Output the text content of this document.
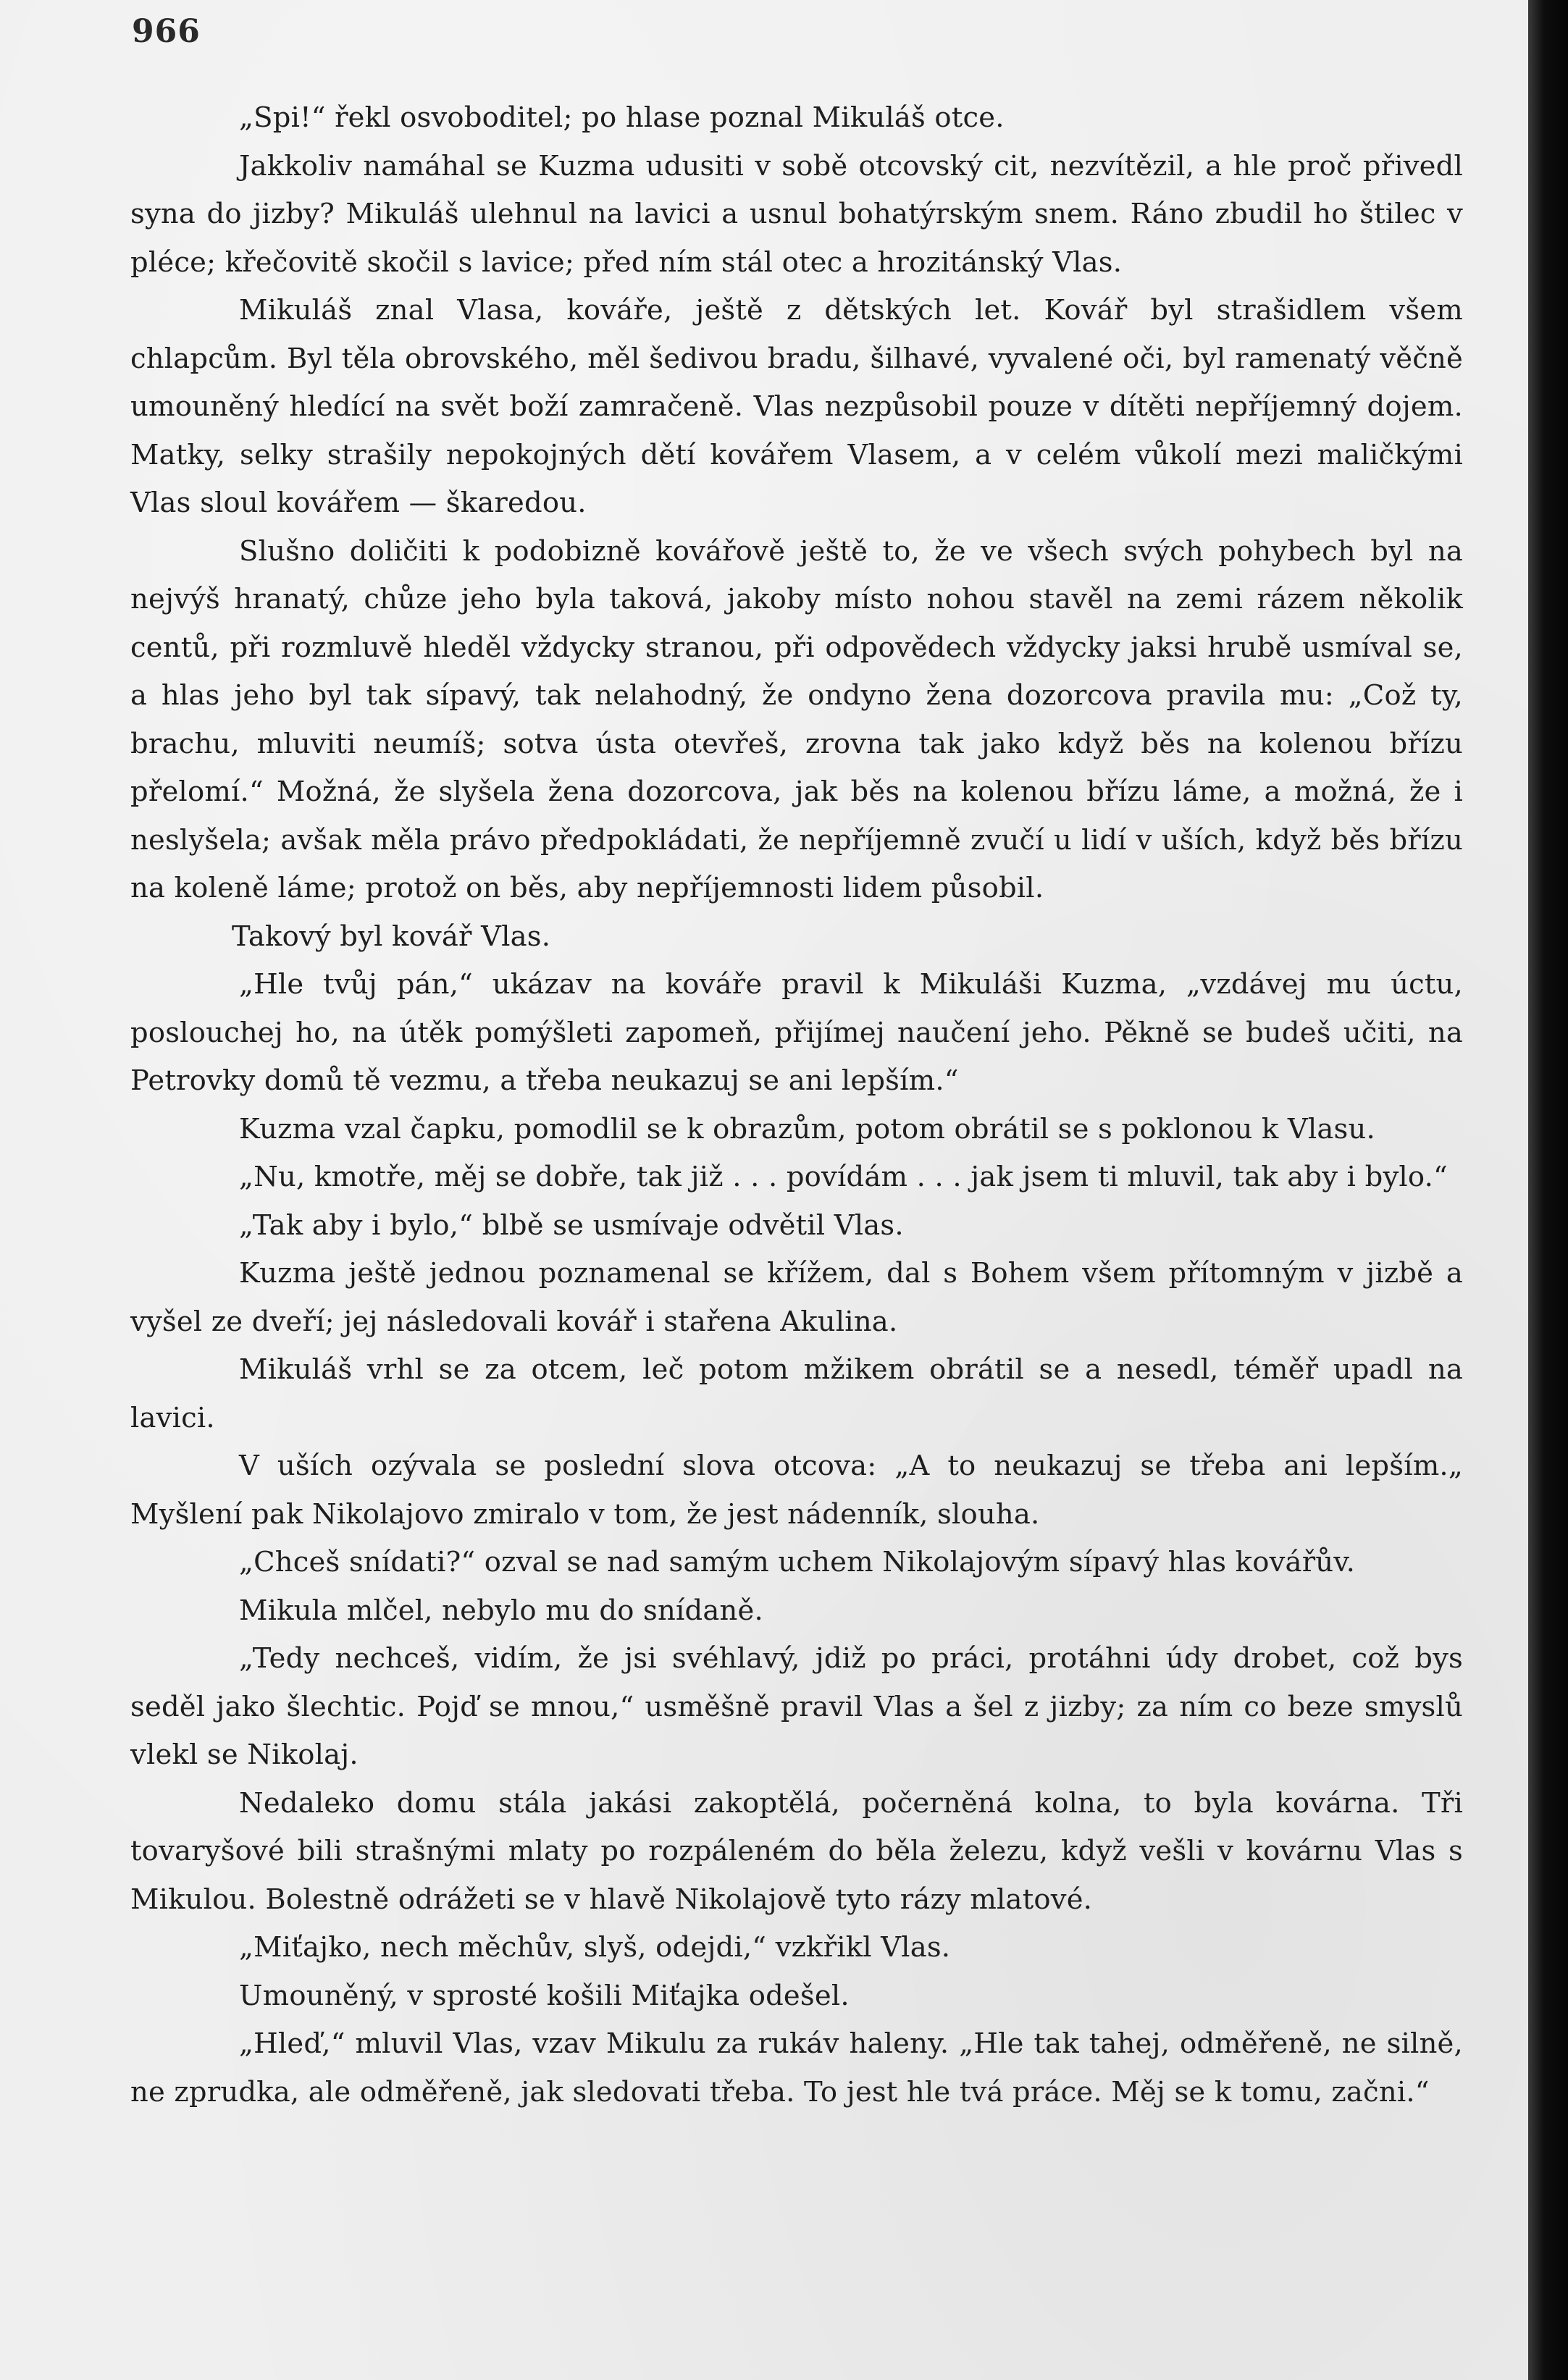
966

„Spi!“ řekl osvoboditel; po hlase poznal Mikuláš otce.

Jakkoliv namáhal se Kuzma udusiti v sobě otcovský cit, nezvítězil, a hle proč přivedl syna do jizby? Mikuláš ulehnul na lavici a usnul bohatýrským snem. Ráno zbudil ho štilec v pléce; křečovitě skočil s lavice; před ním stál otec a hrozitánský Vlas.

Mikuláš znal Vlasa, kováře, ještě z dětských let. Kovář byl strašidlem všem chlapcům. Byl těla obrovského, měl šedivou bradu, šilhavé, vyvalené oči, byl ramenatý věčně umouněný hledící na svět boží zamračeně. Vlas nezpůsobil pouze v dítěti nepříjemný dojem. Matky, selky strašily nepokojných dětí kovářem Vlasem, a v celém vůkolí mezi maličkými Vlas sloul kovářem — škaredou.

Slušno doličiti k podobizně kovářově ještě to, že ve všech svých pohybech byl na nejvýš hranatý, chůze jeho byla taková, jakoby místo nohou stavěl na zemi rázem několik centů, při rozmluvě hleděl vždycky stranou, při odpovědech vždycky jaksi hrubě usmíval se, a hlas jeho byl tak sípavý, tak nelahodný, že ondyno žena dozorcova pravila mu: „Což ty, brachu, mluviti neumíš; sotva ústa otevřeš, zrovna tak jako když běs na kolenou břízu přelomí.“ Možná, že slyšela žena dozorcova, jak běs na kolenou břízu láme, a možná, že i neslyšela; avšak měla právo předpokládati, že nepříjemně zvučí u lidí v uších, když běs břízu na koleně láme; protož on běs, aby nepříjemnosti lidem působil.

Takový byl kovář Vlas.

„Hle tvůj pán,“ ukázav na kováře pravil k Mikuláši Kuzma, „vzdávej mu úctu, poslouchej ho, na útěk pomýšleti zapomeň, přijímej naučení jeho. Pěkně se budeš učiti, na Petrovky domů tě vezmu, a třeba neukazuj se ani lepším.“

Kuzma vzal čapku, pomodlil se k obrazům, potom obrátil se s poklonou k Vlasu.

„Nu, kmotře, měj se dobře, tak již . . . povídám . . . jak jsem ti mluvil, tak aby i bylo.“

„Tak aby i bylo,“ blbě se usmívaje odvětil Vlas.

Kuzma ještě jednou poznamenal se křížem, dal s Bohem všem přítomným v jizbě a vyšel ze dveří; jej následovali kovář i stařena Akulina.

Mikuláš vrhl se za otcem, leč potom mžikem obrátil se a nesedl, téměř upadl na lavici.

V uších ozývala se poslední slova otcova: „A to neukazuj se třeba ani lepším.„ Myšlení pak Nikolajovo zmiralo v tom, že jest nádenník, slouha.

„Chceš snídati?“ ozval se nad samým uchem Nikolajovým sípavý hlas kovářův.

Mikula mlčel, nebylo mu do snídaně.

„Tedy nechceš, vidím, že jsi svéhlavý, jdiž po práci, protáhni údy drobet, což bys seděl jako šlechtic. Pojď se mnou,“ usměšně pravil Vlas a šel z jizby; za ním co beze smyslů vlekl se Nikolaj.

Nedaleko domu stála jakási zakoptělá, počerněná kolna, to byla kovárna. Tři tovaryšové bili strašnými mlaty po rozpáleném do běla železu, když vešli v kovárnu Vlas s Mikulou. Bolestně odrážeti se v hlavě Nikolajově tyto rázy mlatové.

„Miťajko, nech měchův, slyš, odejdi,“ vzkřikl Vlas.

Umouněný, v sprosté košili Miťajka odešel.

„Hleď,“ mluvil Vlas, vzav Mikulu za rukáv haleny. „Hle tak tahej, odměřeně, ne silně, ne zprudka, ale odměřeně, jak sledovati třeba. To jest hle tvá práce. Měj se k tomu, začni.“
